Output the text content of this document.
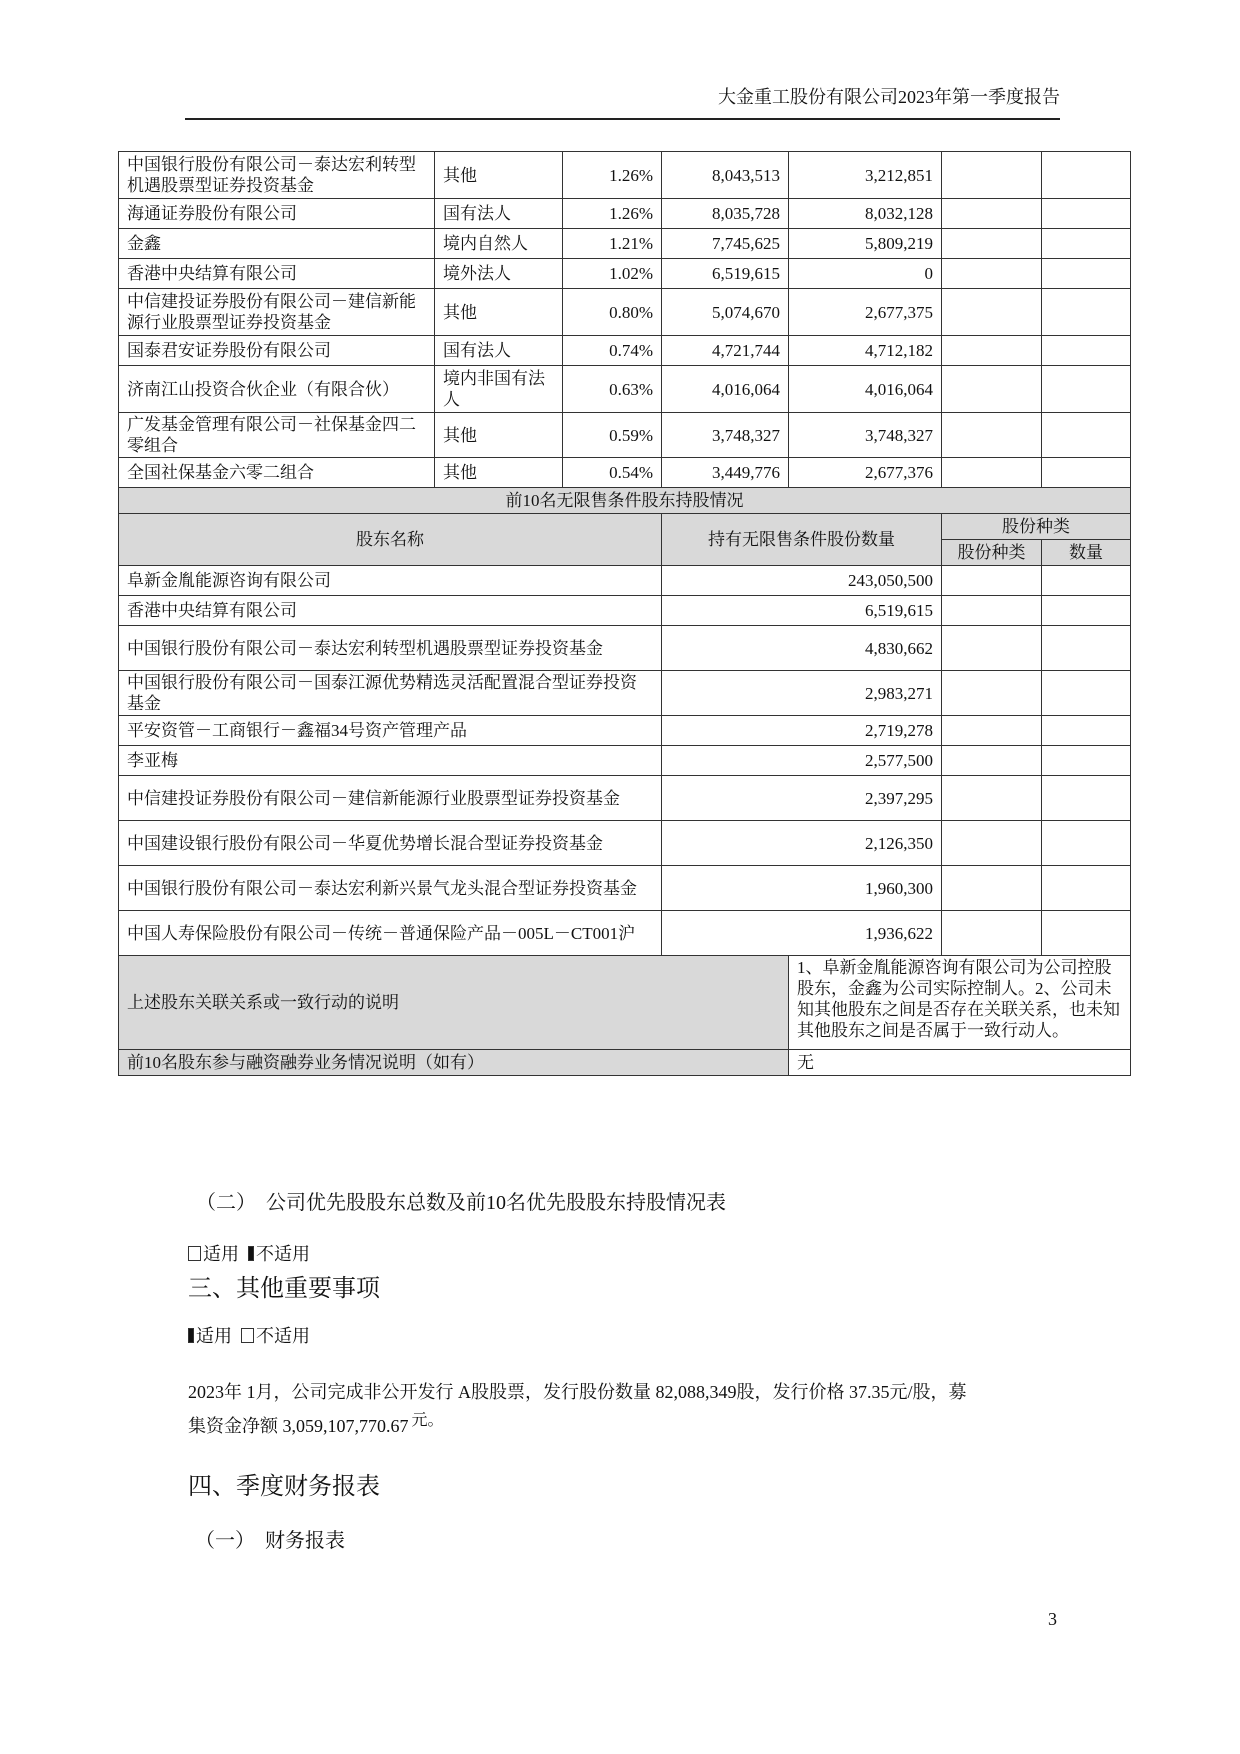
大金重工股份有限公司2023年第一季度报告
中国银行股份有限公司－泰达宏利转型机遇股票型证券投资基金	其他	1.26%	8,043,513	3,212,851		
海通证券股份有限公司	国有法人	1.26%	8,035,728	8,032,128		
金鑫	境内自然人	1.21%	7,745,625	5,809,219		
香港中央结算有限公司	境外法人	1.02%	6,519,615	0		
中信建投证券股份有限公司－建信新能源行业股票型证券投资基金	其他	0.80%	5,074,670	2,677,375		
国泰君安证券股份有限公司	国有法人	0.74%	4,721,744	4,712,182		
济南江山投资合伙企业（有限合伙）	境内非国有法人	0.63%	4,016,064	4,016,064		
广发基金管理有限公司－社保基金四二零组合	其他	0.59%	3,748,327	3,748,327		
全国社保基金六零二组合	其他	0.54%	3,449,776	2,677,376		
前10名无限售条件股东持股情况						
股东名称			持有无限售条件股份数量		股份种类	
					股份种类	数量
阜新金胤能源咨询有限公司			243,050,500			
香港中央结算有限公司			6,519,615			
中国银行股份有限公司－泰达宏利转型机遇股票型证券投资基金			4,830,662			
中国银行股份有限公司－国泰江源优势精选灵活配置混合型证券投资基金			2,983,271			
平安资管－工商银行－鑫福34号资产管理产品			2,719,278			
李亚梅			2,577,500			
中信建投证券股份有限公司－建信新能源行业股票型证券投资基金			2,397,295			
中国建设银行股份有限公司－华夏优势增长混合型证券投资基金			2,126,350			
中国银行股份有限公司－泰达宏利新兴景气龙头混合型证券投资基金			1,960,300			
中国人寿保险股份有限公司－传统－普通保险产品－005L－CT001沪			1,936,622			
上述股东关联关系或一致行动的说明				1、阜新金胤能源咨询有限公司为公司控股股东，金鑫为公司实际控制人。2、公司未知其他股东之间是否存在关联关系，也未知其他股东之间是否属于一致行动人。		
前10名股东参与融资融券业务情况说明（如有）				无		
（二）　公司优先股股东总数及前10名优先股股东持股情况表
适用 不适用
三、其他重要事项
适用 不适用
2023年 1月，公司完成非公开发行 A股股票，发行股份数量 82,088,349股，发行价格 37.35元/股，募
集资金净额 3,059,107,770.67 元。
四、季度财务报表
（一）　财务报表
3
